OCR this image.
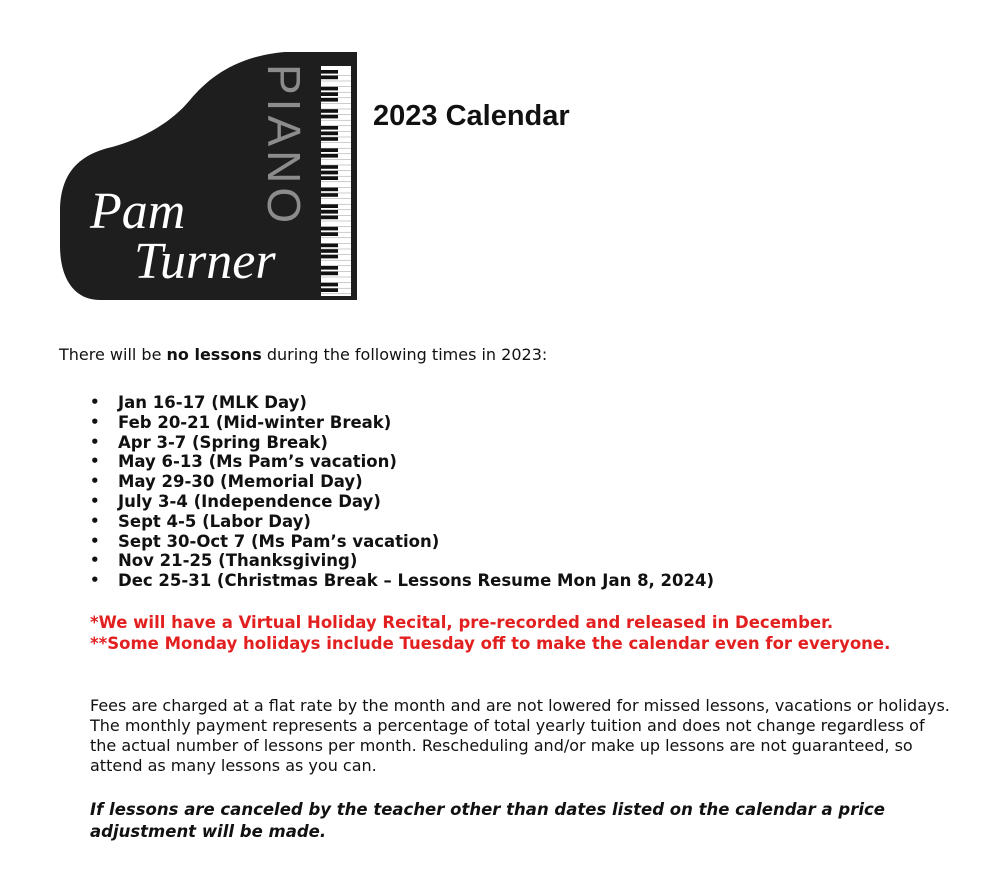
PIANO
Pam
Turner
2023 Calendar

There will be no lessons during the following times in 2023:

• Jan 16-17 (MLK Day)
• Feb 20-21 (Mid-winter Break)
• Apr 3-7 (Spring Break)
• May 6-13 (Ms Pam’s vacation)
• May 29-30 (Memorial Day)
• July 3-4 (Independence Day)
• Sept 4-5 (Labor Day)
• Sept 30-Oct 7 (Ms Pam’s vacation)
• Nov 21-25 (Thanksgiving)
• Dec 25-31 (Christmas Break – Lessons Resume Mon Jan 8, 2024)
*We will have a Virtual Holiday Recital, pre-recorded and released in December.
**Some Monday holidays include Tuesday off to make the calendar even for everyone.

Fees are charged at a flat rate by the month and are not lowered for missed lessons, vacations or holidays. The monthly payment represents a percentage of total yearly tuition and does not change regardless of the actual number of lessons per month. Rescheduling and/or make up lessons are not guaranteed, so attend as many lessons as you can.

If lessons are canceled by the teacher other than dates listed on the calendar a price adjustment will be made.
